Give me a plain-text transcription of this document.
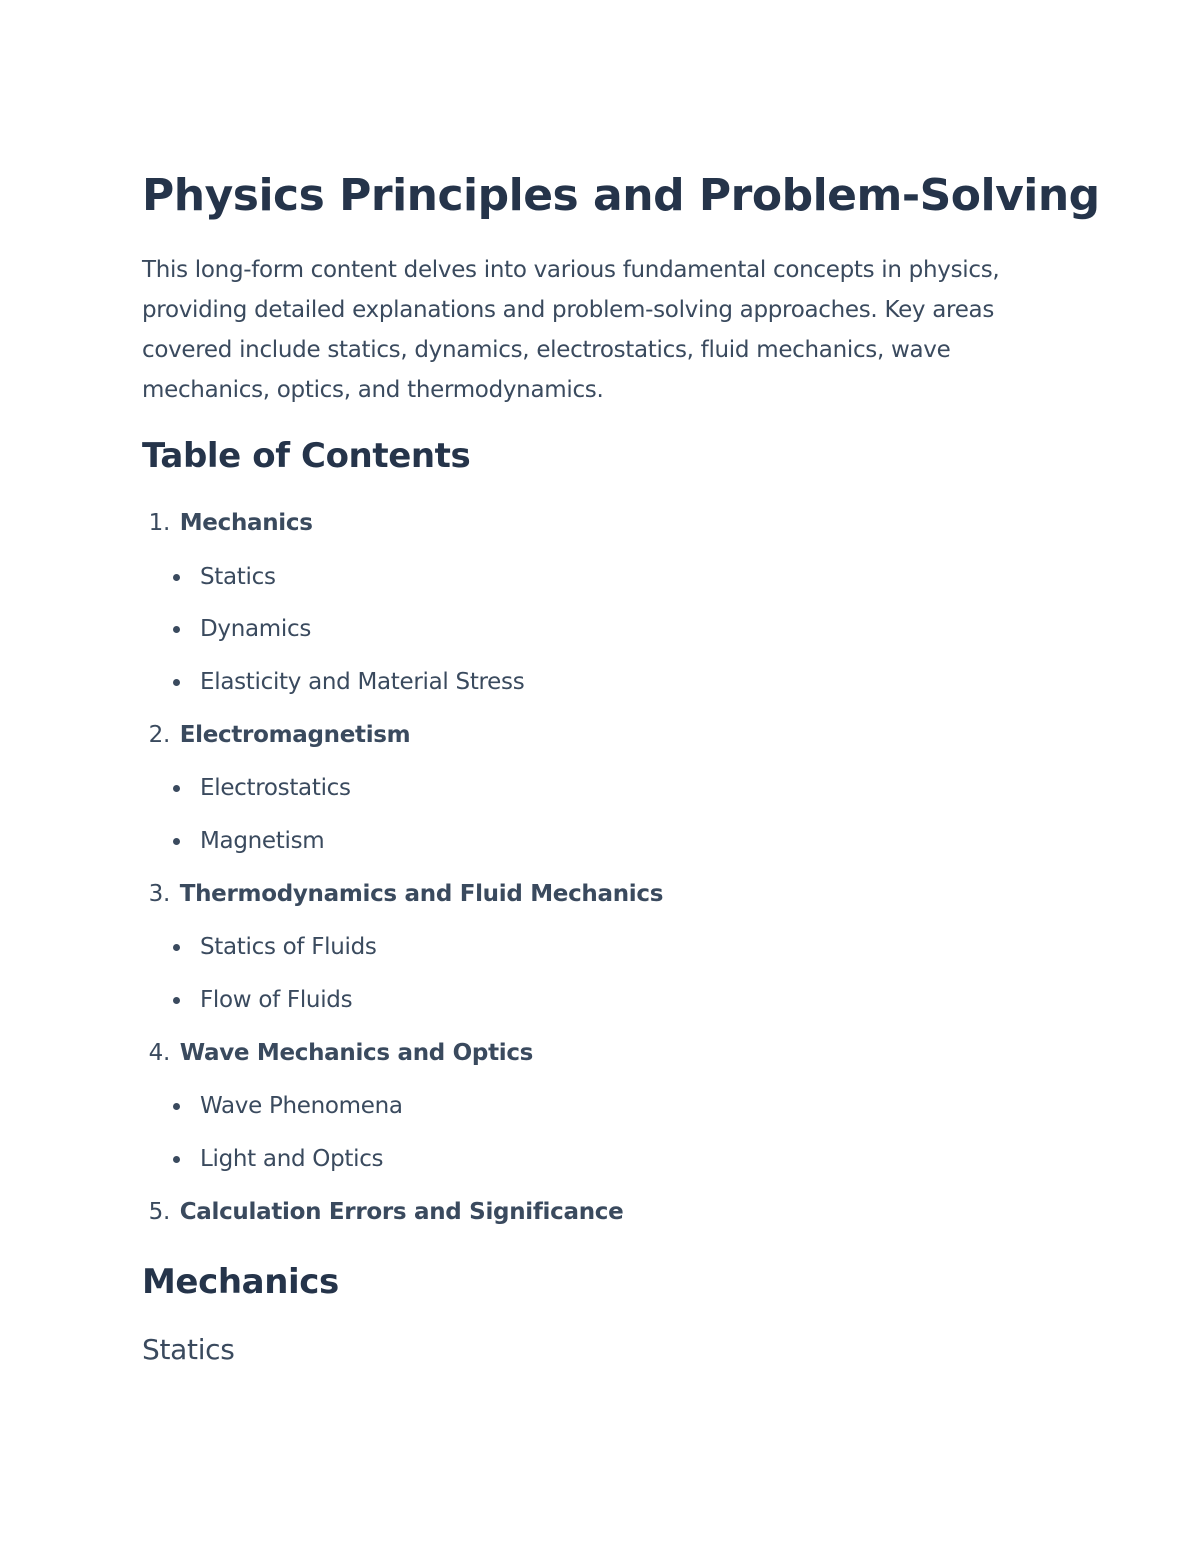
Physics Principles and Problem-Solving

This long-form content delves into various fundamental concepts in physics, providing detailed explanations and problem-solving approaches. Key areas covered include statics, dynamics, electrostatics, fluid mechanics, wave mechanics, optics, and thermodynamics.

Table of Contents
1. Mechanics
Statics
Dynamics
Elasticity and Material Stress
2. Electromagnetism
Electrostatics
Magnetism
3. Thermodynamics and Fluid Mechanics
Statics of Fluids
Flow of Fluids
4. Wave Mechanics and Optics
Wave Phenomena
Light and Optics
5. Calculation Errors and Significance
Mechanics
Statics
